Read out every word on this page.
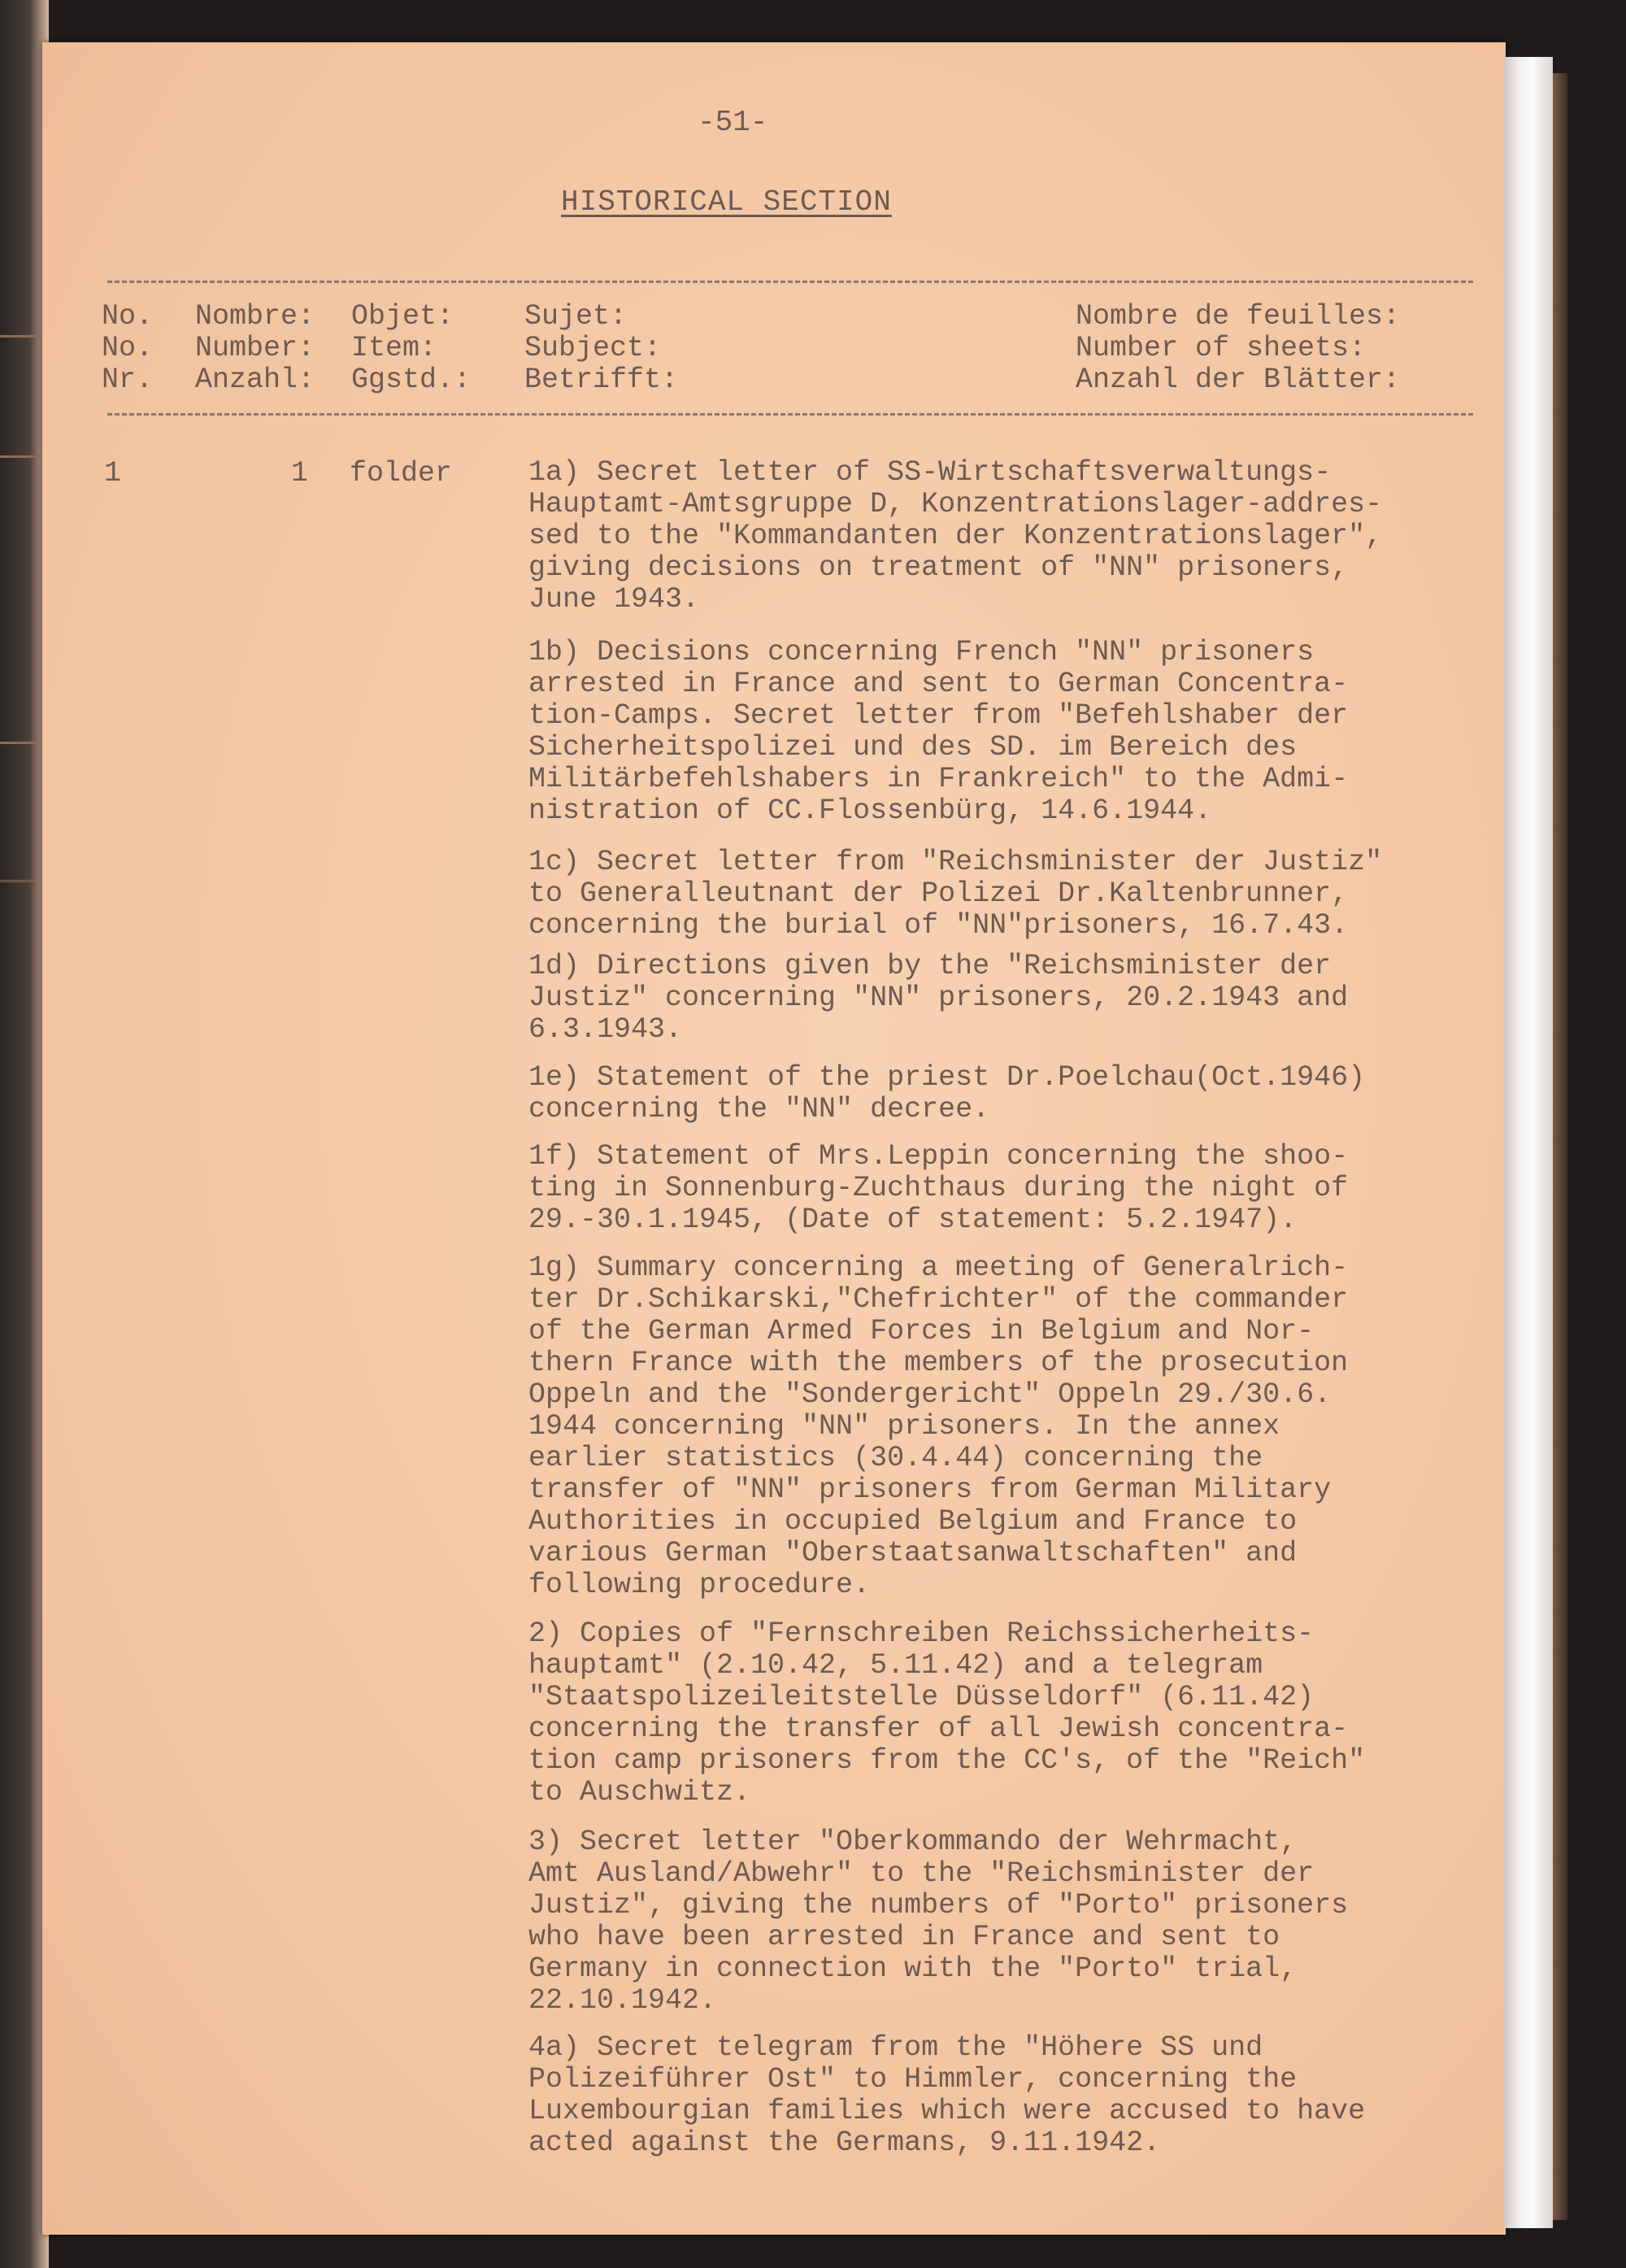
-51-
HISTORICAL SECTION
No.
No.
Nr.
Nombre:
Number:
Anzahl:
Objet:
Item:
Ggstd.:
Sujet:
Subject:
Betrifft:
Nombre de feuilles:
Number of sheets:
Anzahl der Blätter:
1	1 folder	1a) Secret letter of SS-Wirtschaftsverwaltungs-
Hauptamt-Amtsgruppe D, Konzentrationslager-addres-
sed to the "Kommandanten der Konzentrationslager",
giving decisions on treatment of "NN" prisoners,
June 1943.
1b) Decisions concerning French "NN" prisoners
arrested in France and sent to German Concentra-
tion-Camps. Secret letter from "Befehlshaber der
Sicherheitspolizei und des SD. im Bereich des
Militärbefehlshabers in Frankreich" to the Admi-
nistration of CC.Flossenbürg, 14.6.1944.
1c) Secret letter from "Reichsminister der Justiz"
to Generalleutnant der Polizei Dr.Kaltenbrunner,
concerning the burial of "NN"prisoners, 16.7.43.
1d) Directions given by the "Reichsminister der
Justiz" concerning "NN" prisoners, 20.2.1943 and
6.3.1943.
1e) Statement of the priest Dr.Poelchau(Oct.1946)
concerning the "NN" decree.
1f) Statement of Mrs.Leppin concerning the shoo-
ting in Sonnenburg-Zuchthaus during the night of
29.-30.1.1945, (Date of statement: 5.2.1947).
1g) Summary concerning a meeting of Generalrich-
ter Dr.Schikarski,"Chefrichter" of the commander
of the German Armed Forces in Belgium and Nor-
thern France with the members of the prosecution
Oppeln and the "Sondergericht" Oppeln 29./30.6.
1944 concerning "NN" prisoners. In the annex
earlier statistics (30.4.44) concerning the
transfer of "NN" prisoners from German Military
Authorities in occupied Belgium and France to
various German "Oberstaatsanwaltschaften" and
following procedure.
2) Copies of "Fernschreiben Reichssicherheits-
hauptamt" (2.10.42, 5.11.42) and a telegram
"Staatspolizeileitstelle Düsseldorf" (6.11.42)
concerning the transfer of all Jewish concentra-
tion camp prisoners from the CC's, of the "Reich"
to Auschwitz.
3) Secret letter "Oberkommando der Wehrmacht,
Amt Ausland/Abwehr" to the "Reichsminister der
Justiz", giving the numbers of "Porto" prisoners
who have been arrested in France and sent to
Germany in connection with the "Porto" trial,
22.10.1942.
4a) Secret telegram from the "Höhere SS und
Polizeiführer Ost" to Himmler, concerning the
Luxembourgian families which were accused to have
acted against the Germans, 9.11.1942.
